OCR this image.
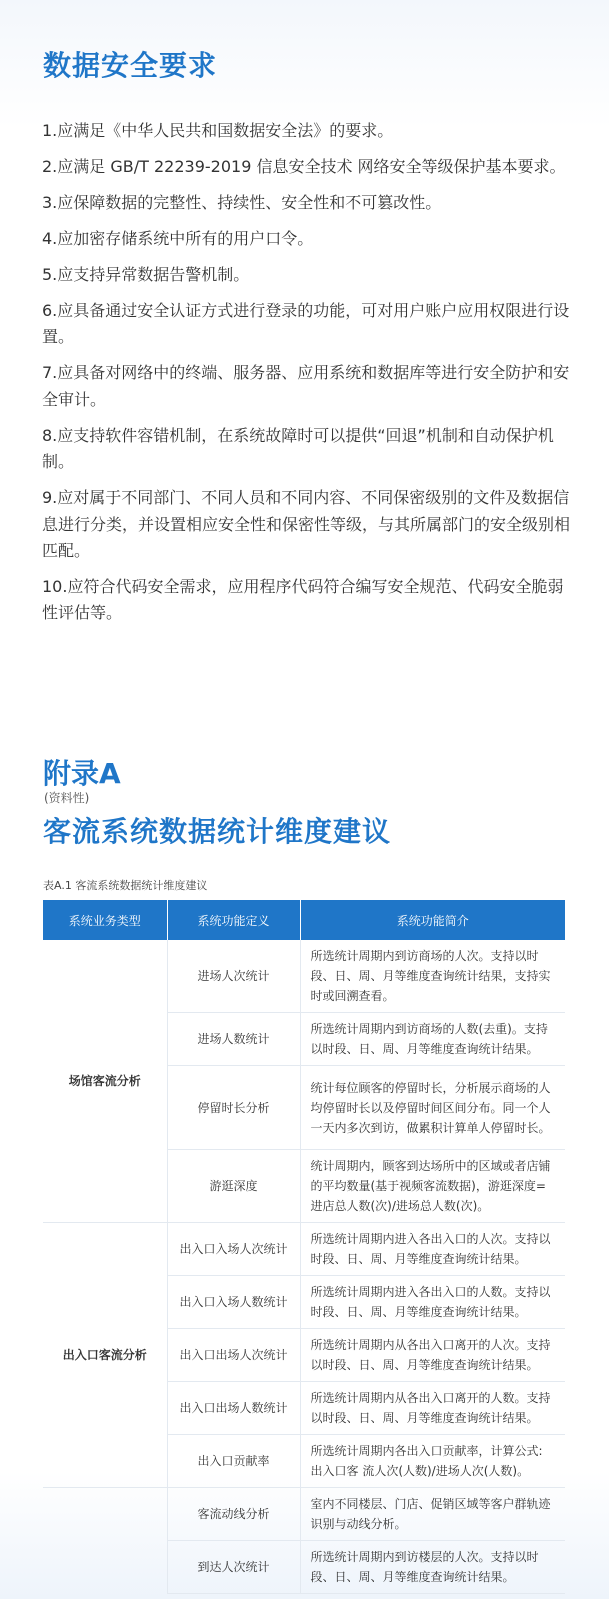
数据安全要求
1.应满足《中华人民共和国数据安全法》的要求。
2.应满足 GB/T 22239-2019 信息安全技术 网络安全等级保护基本要求。
3.应保障数据的完整性、持续性、安全性和不可篡改性。
4.应加密存储系统中所有的用户口令。
5.应支持异常数据告警机制。
6.应具备通过安全认证方式进行登录的功能，可对用户账户应用权限进行设置。
7.应具备对网络中的终端、服务器、应用系统和数据库等进行安全防护和安全审计。
8.应支持软件容错机制，在系统故障时可以提供“回退”机制和自动保护机制。
9.应对属于不同部门、不同人员和不同内容、不同保密级别的文件及数据信息进行分类，并设置相应安全性和保密性等级，与其所属部门的安全级别相匹配。
10.应符合代码安全需求，应用程序代码符合编写安全规范、代码安全脆弱性评估等。
附录A
(资料性)
客流系统数据统计维度建议
表A.1 客流系统数据统计维度建议
系统业务类型	系统功能定义	系统功能简介
场馆客流分析	进场人次统计	所选统计周期内到访商场的人次。支持以时段、日、周、月等维度查询统计结果，支持实时或回溯查看。
	进场人数统计	所选统计周期内到访商场的人数(去重)。支持以时段、日、周、月等维度查询统计结果。
	停留时长分析	统计每位顾客的停留时长，分析展示商场的人均停留时长以及停留时间区间分布。同一个人一天内多次到访，做累积计算单人停留时长。
	游逛深度	统计周期内，顾客到达场所中的区域或者店铺的平均数量(基于视频客流数据)，游逛深度=进店总人数(次)/进场总人数(次)。
出入口客流分析	出入口入场人次统计	所选统计周期内进入各出入口的人次。支持以时段、日、周、月等维度查询统计结果。
	出入口入场人数统计	所选统计周期内进入各出入口的人数。支持以时段、日、周、月等维度查询统计结果。
	出入口出场人次统计	所选统计周期内从各出入口离开的人次。支持以时段、日、周、月等维度查询统计结果。
	出入口出场人数统计	所选统计周期内从各出入口离开的人数。支持以时段、日、周、月等维度查询统计结果。
	出入口贡献率	所选统计周期内各出入口贡献率，计算公式: 出入口客 流人次(人数)/进场人次(人数)。
	客流动线分析	室内不同楼层、门店、促销区域等客户群轨迹识别与动线分析。
	到达人次统计	所选统计周期内到访楼层的人次。支持以时段、日、周、月等维度查询统计结果。
